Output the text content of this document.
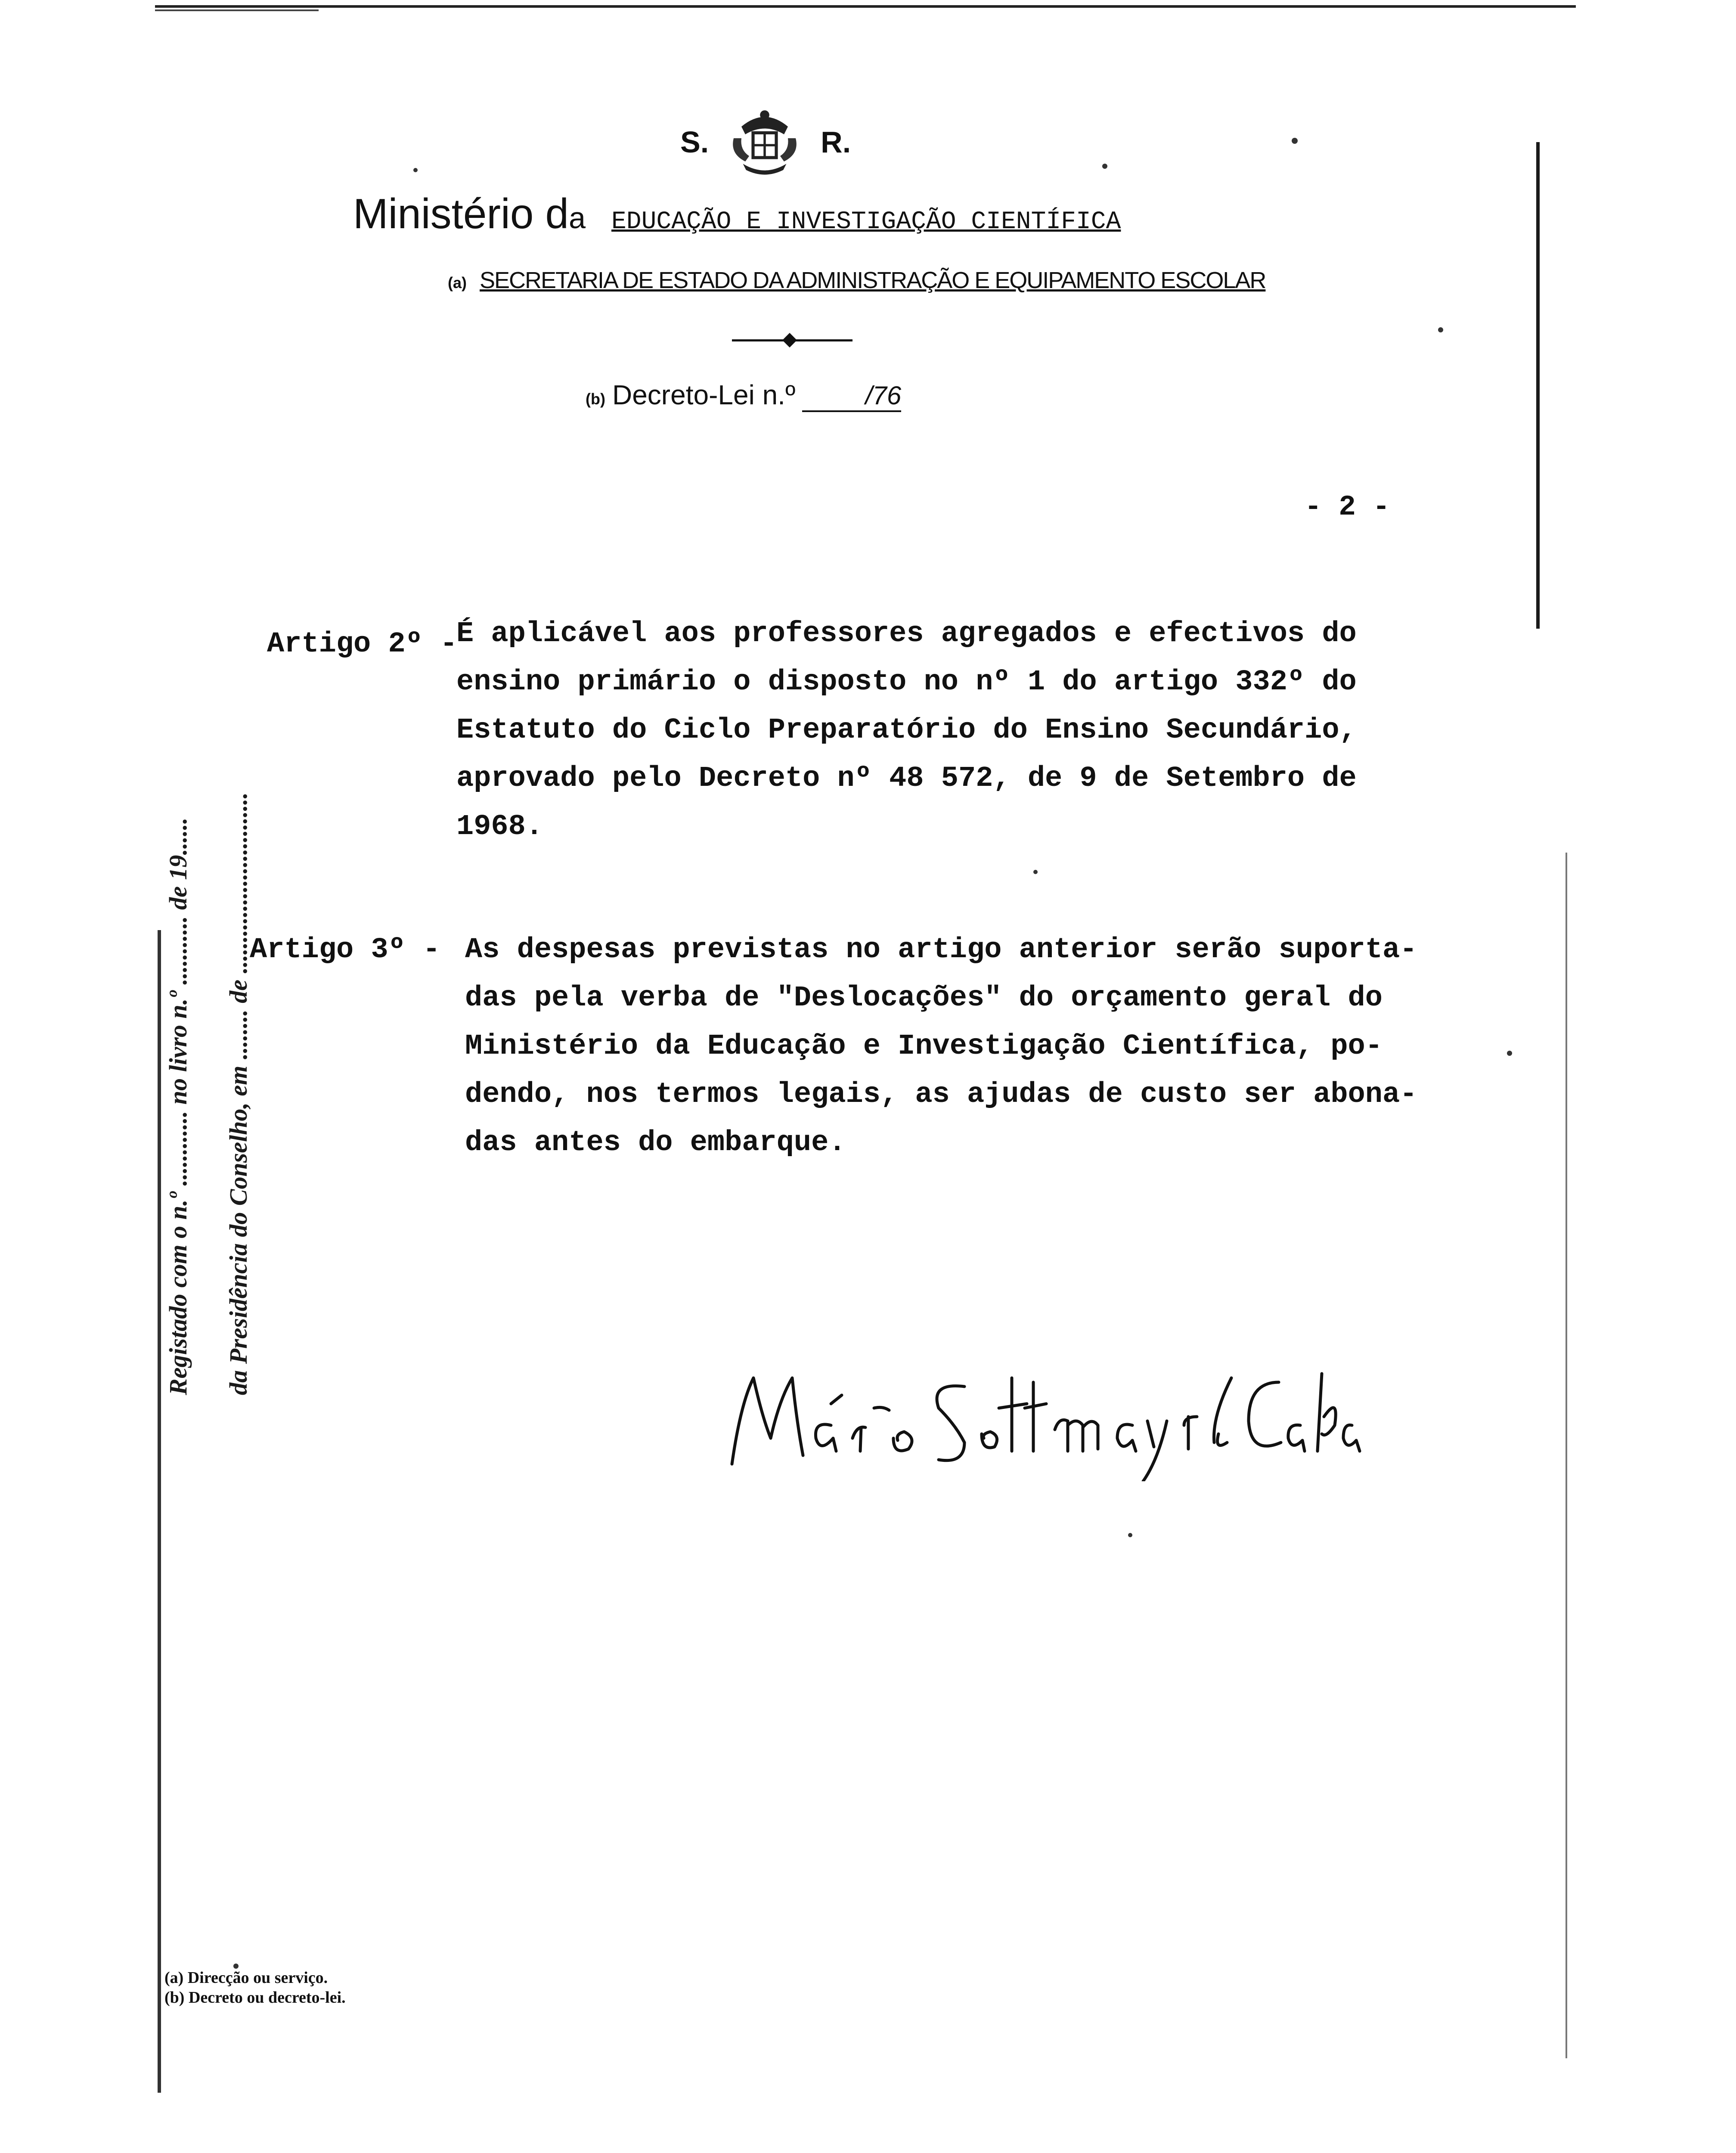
S.	R.
Ministério d a EDUCAÇÃO E INVESTIGAÇÃO CIENTÍFICA
(a) SECRETARIA DE ESTADO DA ADMINISTRAÇÃO E EQUIPAMENTO ESCOLAR
(b) Decreto-Lei n.º	/76
- 2 -
Artigo 2º -
É aplicável aos professores agregados e efectivos do
ensino primário o disposto no nº 1 do artigo 332º do
Estatuto do Ciclo Preparatório do Ensino Secundário,
aprovado pelo Decreto nº 48 572, de 9 de Setembro de
1968.
Artigo 3º - As despesas previstas no artigo anterior serão suporta-
das pela verba de "Deslocações" do orçamento geral do
Ministério da Educação e Investigação Científica, po-
dendo, nos termos legais, as ajudas de custo ser abona-
das antes do embarque.
Registado com o n.º ............ no livro n.º ........... de 19...... da Presidência do Conselho, em ........ de .............................
(a) Direcção ou serviço.
(b) Decreto ou decreto-lei.
